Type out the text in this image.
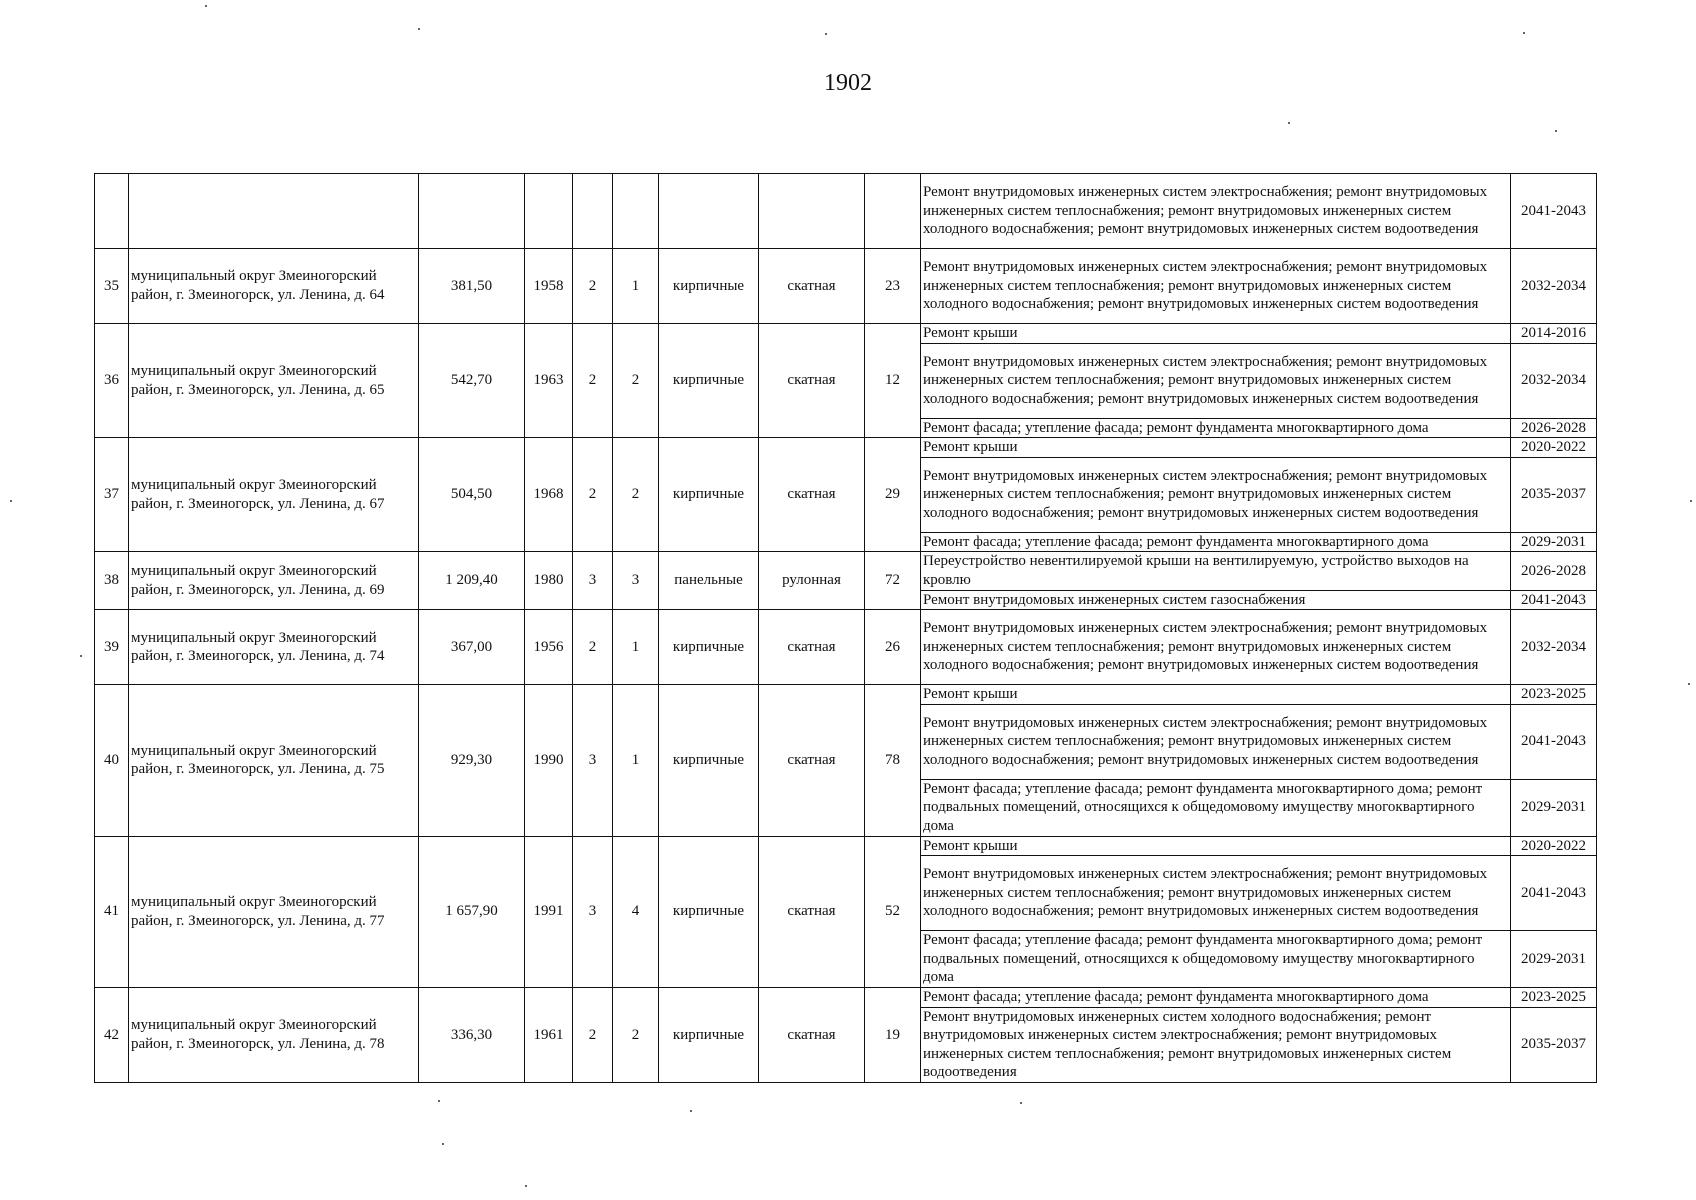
1902
									Ремонт внутридомовых инженерных систем электроснабжения; ремонт внутридомовых инженерных систем теплоснабжения; ремонт внутридомовых инженерных систем холодного водоснабжения; ремонт внутридомовых инженерных систем водоотведения	2041-2043
35	муниципальный округ Змеиногорский район, г. Змеиногорск, ул. Ленина, д. 64	381,50	1958	2	1	кирпичные	скатная	23	Ремонт внутридомовых инженерных систем электроснабжения; ремонт внутридомовых инженерных систем теплоснабжения; ремонт внутридомовых инженерных систем холодного водоснабжения; ремонт внутридомовых инженерных систем водоотведения	2032-2034
36	муниципальный округ Змеиногорский район, г. Змеиногорск, ул. Ленина, д. 65	542,70	1963	2	2	кирпичные	скатная	12	Ремонт крыши	2014-2016
									Ремонт внутридомовых инженерных систем электроснабжения; ремонт внутридомовых инженерных систем теплоснабжения; ремонт внутридомовых инженерных систем холодного водоснабжения; ремонт внутридомовых инженерных систем водоотведения	2032-2034
									Ремонт фасада; утепление фасада; ремонт фундамента многоквартирного дома	2026-2028
37	муниципальный округ Змеиногорский район, г. Змеиногорск, ул. Ленина, д. 67	504,50	1968	2	2	кирпичные	скатная	29	Ремонт крыши	2020-2022
									Ремонт внутридомовых инженерных систем электроснабжения; ремонт внутридомовых инженерных систем теплоснабжения; ремонт внутридомовых инженерных систем холодного водоснабжения; ремонт внутридомовых инженерных систем водоотведения	2035-2037
									Ремонт фасада; утепление фасада; ремонт фундамента многоквартирного дома	2029-2031
38	муниципальный округ Змеиногорский район, г. Змеиногорск, ул. Ленина, д. 69	1 209,40	1980	3	3	панельные	рулонная	72	Переустройство невентилируемой крыши на вентилируемую, устройство выходов на кровлю	2026-2028
									Ремонт внутридомовых инженерных систем газоснабжения	2041-2043
39	муниципальный округ Змеиногорский район, г. Змеиногорск, ул. Ленина, д. 74	367,00	1956	2	1	кирпичные	скатная	26	Ремонт внутридомовых инженерных систем электроснабжения; ремонт внутридомовых инженерных систем теплоснабжения; ремонт внутридомовых инженерных систем холодного водоснабжения; ремонт внутридомовых инженерных систем водоотведения	2032-2034
40	муниципальный округ Змеиногорский район, г. Змеиногорск, ул. Ленина, д. 75	929,30	1990	3	1	кирпичные	скатная	78	Ремонт крыши	2023-2025
									Ремонт внутридомовых инженерных систем электроснабжения; ремонт внутридомовых инженерных систем теплоснабжения; ремонт внутридомовых инженерных систем холодного водоснабжения; ремонт внутридомовых инженерных систем водоотведения	2041-2043
									Ремонт фасада; утепление фасада; ремонт фундамента многоквартирного дома; ремонт подвальных помещений, относящихся к общедомовому имуществу многоквартирного дома	2029-2031
41	муниципальный округ Змеиногорский район, г. Змеиногорск, ул. Ленина, д. 77	1 657,90	1991	3	4	кирпичные	скатная	52	Ремонт крыши	2020-2022
									Ремонт внутридомовых инженерных систем электроснабжения; ремонт внутридомовых инженерных систем теплоснабжения; ремонт внутридомовых инженерных систем холодного водоснабжения; ремонт внутридомовых инженерных систем водоотведения	2041-2043
									Ремонт фасада; утепление фасада; ремонт фундамента многоквартирного дома; ремонт подвальных помещений, относящихся к общедомовому имуществу многоквартирного дома	2029-2031
42	муниципальный округ Змеиногорский район, г. Змеиногорск, ул. Ленина, д. 78	336,30	1961	2	2	кирпичные	скатная	19	Ремонт фасада; утепление фасада; ремонт фундамента многоквартирного дома	2023-2025
									Ремонт внутридомовых инженерных систем холодного водоснабжения; ремонт внутридомовых инженерных систем электроснабжения; ремонт внутридомовых инженерных систем теплоснабжения; ремонт внутридомовых инженерных систем водоотведения	2035-2037
